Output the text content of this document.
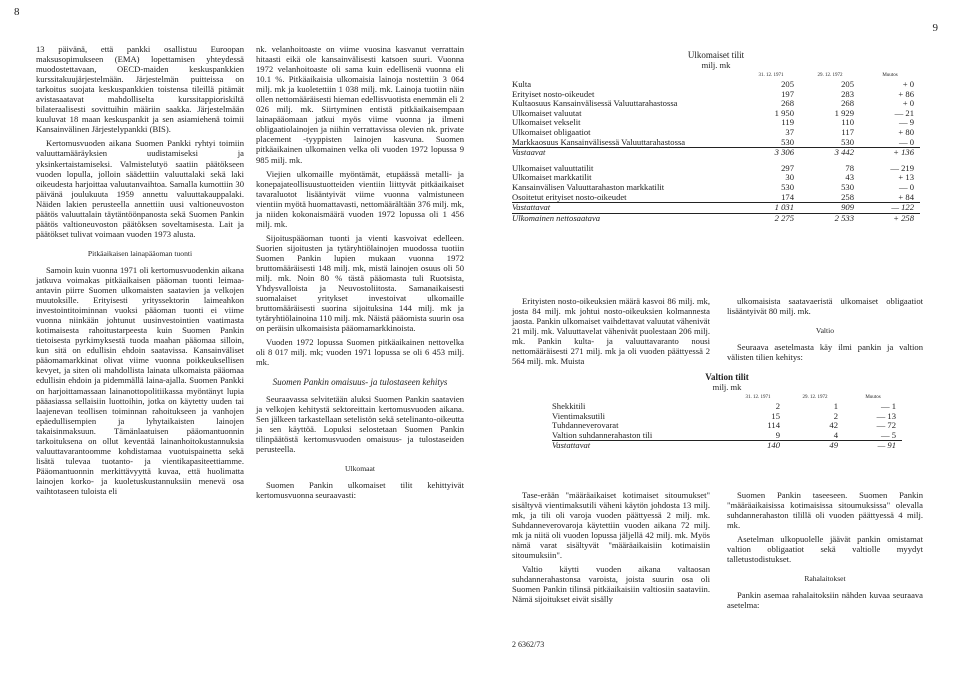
8
9

13 päivänä, että pankki osallistuu Euroopan maksusopimukseen (EMA) lopettamisen yhteydessä muodostettavaan, OECD-maiden keskuspankkien kurssitakuujärjestelmään. Järjestelmän puitteissa on tarkoitus suojata keskuspankkien toistensa tileillä pitämät avistasaatavat mahdolliselta kurssitappioriskiltä bilateraalisesti sovittuihin määriin saakka. Järjestelmään kuuluvat 18 maan keskuspankit ja sen asiamiehenä toimii Kansainvälinen Järjestelypankki (BIS).

Kertomusvuoden aikana Suomen Pankki ryhtyi toimiin valuuttamääräyksien uudistamiseksi ja yksinkertaistamiseksi. Valmistelutyö saatiin päätökseen vuoden lopulla, jolloin säädettiin valuuttalaki sekä laki oikeudesta harjoittaa valuutanvaihtoa. Samalla kumottiin 30 päivänä joulukuuta 1959 annettu valuuttakauppalaki. Näiden lakien perusteella annettiin uusi valtioneuvoston päätös valuuttalain täytäntöönpanosta sekä Suomen Pankin päätös valtioneuvoston päätöksen soveltamisesta. Lait ja päätökset tulivat voimaan vuoden 1973 alusta.

Pitkäaikaisen lainapääoman tuonti

Samoin kuin vuonna 1971 oli kertomusvuodenkin aikana jatkuva voimakas pitkäaikaisen pääoman tuonti leimaa-antavin piirre Suomen ulkomaisten saatavien ja velkojen muutoksille. Erityisesti yrityssektorin laimeahkon investointitoiminnan vuoksi pääoman tuonti ei viime vuonna niinkään johtunut uusinvestointien vaatimasta kotimaisesta rahoitustarpeesta kuin Suomen Pankin tietoisesta pyrkimyksestä tuoda maahan pääomaa silloin, kun sitä on edullisin ehdoin saatavissa. Kansainväliset pääomamarkkinat olivat viime vuonna poikkeuksellisen kevyet, ja siten oli mahdollista lainata ulkomaista pääomaa edullisin ehdoin ja pidemmällä laina-ajalla. Suomen Pankki on harjoittamassaan lainanottopolitiikassa myöntänyt lupia pääasiassa sellaisiin luottoihin, jotka on käytetty uuden tai laajenevan teollisen toiminnan rahoitukseen ja vanhojen epäedullisempien ja lyhytaikaisten lainojen takaisinmaksuun. Tämänlaatuisen pääomantuonnin tarkoituksena on ollut keventää lainanhoitokustannuksia valuuttavarantoomme kohdistamaa vuotuispainetta sekä lisätä tulevaa tuotanto- ja vientikapasiteettiamme. Pääomantuonnin merkittävyyttä kuvaa, että huolimatta lainojen korko- ja kuoletuskustannuksiin menevä osa vaihtotaseen tuloista eli

nk. velanhoitoaste on viime vuosina kasvanut verrattain hitaasti eikä ole kansainvälisesti katsoen suuri. Vuonna 1972 velanhoitoaste oli sama kuin edellisenä vuonna eli 10.1 %. Pitkäaikaisia ulkomaisia lainoja nostettiin 3 064 milj. mk ja kuoletettiin 1 038 milj. mk. Lainoja tuotiin näin ollen nettomääräisesti hieman edellisvuotista enemmän eli 2 026 milj. mk. Siirtyminen entistä pitkäaikaisempaan lainapääomaan jatkui myös viime vuonna ja ilmeni obligaatiolainojen ja niihin verrattavissa olevien nk. private placement -tyyppisten lainojen kasvuna. Suomen pitkäaikainen ulkomainen velka oli vuoden 1972 lopussa 9 985 milj. mk.

Viejien ulkomaille myöntämät, etupäässä metalli- ja konepajateollisuustuotteiden vientiin liittyvät pitkäaikaiset tavaraluotot lisääntyivät viime vuonna valmistuneen vientiin myötä huomattavasti, nettomäärältään 376 milj. mk, ja niiden kokonaismäärä vuoden 1972 lopussa oli 1 456 milj. mk.

Sijoituspääoman tuonti ja vienti kasvoivat edelleen. Suorien sijoitusten ja tytäryhtiölainojen muodossa tuotiin Suomen Pankin lupien mukaan vuonna 1972 bruttomääräisesti 148 milj. mk, mistä lainojen osuus oli 50 milj. mk. Noin 80 % tästä pääomasta tuli Ruotsista, Yhdysvalloista ja Neuvostoliitosta. Samanaikaisesti suomalaiset yritykset investoivat ulkomaille bruttomääräisesti suorina sijoituksina 144 milj. mk ja tytäryhtiölainoina 110 milj. mk. Näistä pääomista suurin osa on peräisin ulkomaisista pääomamarkkinoista.

Vuoden 1972 lopussa Suomen pitkäaikainen nettovelka oli 8 017 milj. mk; vuoden 1971 lopussa se oli 6 453 milj. mk.

Suomen Pankin omaisuus- ja tulostaseen kehitys

Seuraavassa selvitetään aluksi Suomen Pankin saatavien ja velkojen kehitystä sektoreittain kertomusvuoden aikana. Sen jälkeen tarkastellaan setelistön sekä setelinanto-oikeutta ja sen käyttöä. Lopuksi selostetaan Suomen Pankin tilinpäätöstä kertomusvuoden omaisuus- ja tulostaseiden perusteella.

Ulkomaat

Suomen Pankin ulkomaiset tilit kehittyivät kertomusvuonna seuraavasti:

Ulkomaiset tilit
milj. mk
	31. 12. 1971	29. 12. 1972	Muutos
Kulta	205	205	+ 0
Erityiset nosto-oikeudet	197	283	+ 86
Kultaosuus Kansainvälisessä Valuuttarahastossa	268	268	+ 0
Ulkomaiset valuutat	1 950	1 929	— 21
Ulkomaiset vekselit	119	110	— 9
Ulkomaiset obligaatiot	37	117	+ 80
Markkaosuus Kansainvälisessä Valuuttarahastossa	530	530	— 0
Vastaavat	3 306	3 442	+ 136

Ulkomaiset valuuttatilit	297	78	— 219
Ulkomaiset markkatilit	30	43	+ 13
Kansainvälisen Valuuttarahaston markkatilit	530	530	— 0
Osoitetut erityiset nosto-oikeudet	174	258	+ 84
Vastattavat	1 031	909	— 122
Ulkomainen nettosaatava	2 275	2 533	+ 258

Erityisten nosto-oikeuksien määrä kasvoi 86 milj. mk, josta 84 milj. mk johtui nosto-oikeuksien kolmannesta jaosta. Pankin ulkomaiset vaihdettavat valuutat vähenivät 21 milj. mk. Valuuttavelat vähenivät puolestaan 206 milj. mk. Pankin kulta- ja valuuttavaranto nousi nettomääräisesti 271 milj. mk ja oli vuoden päättyessä 2 564 milj. mk. Muista

ulkomaisista saatavaeristä ulkomaiset obligaatiot lisääntyivät 80 milj. mk.

Valtio

Seuraava asetelmasta käy ilmi pankin ja valtion välisten tilien kehitys:

Valtion tilit
milj. mk
	31. 12. 1971	29. 12. 1972	Muutos
Shekkitili	2	1	— 1
Vientimaksutili	15	2	— 13
Tuhdanneverovarat	114	42	— 72
Valtion suhdannerahaston tili	9	4	— 5
Vastattavat	140	49	— 91

Tase-erään "määräaikaiset kotimaiset sitoumukset" sisältyvä vientimaksutili väheni käytön johdosta 13 milj. mk, ja tili oli varoja vuoden päättyessä 2 milj. mk. Suhdanneverovaroja käytettiin vuoden aikana 72 milj. mk ja niitä oli vuoden lopussa jäljellä 42 milj. mk. Myös nämä varat sisältyvät "määräaikaisiin kotimaisiin sitoumuksiin".

Valtio käytti vuoden aikana valtaosan suhdannerahastonsa varoista, joista suurin osa oli Suomen Pankin tilinsä pitkäaikaisiin valtiosiin saataviin. Nämä sijoitukset eivät sisälly

Suomen Pankin taseeseen. Suomen Pankin "määräaikaisissa kotimaisissa sitoumuksissa" olevalla suhdannerahaston tilillä oli vuoden päättyessä 4 milj. mk.

Asetelman ulkopuolelle jäävät pankin omistamat valtion obligaatiot sekä valtiolle myydyt talletustodistukset.

Rahalaitokset

Pankin asemaa rahalaitoksiin nähden kuvaa seuraava asetelma:

2 6362/73
